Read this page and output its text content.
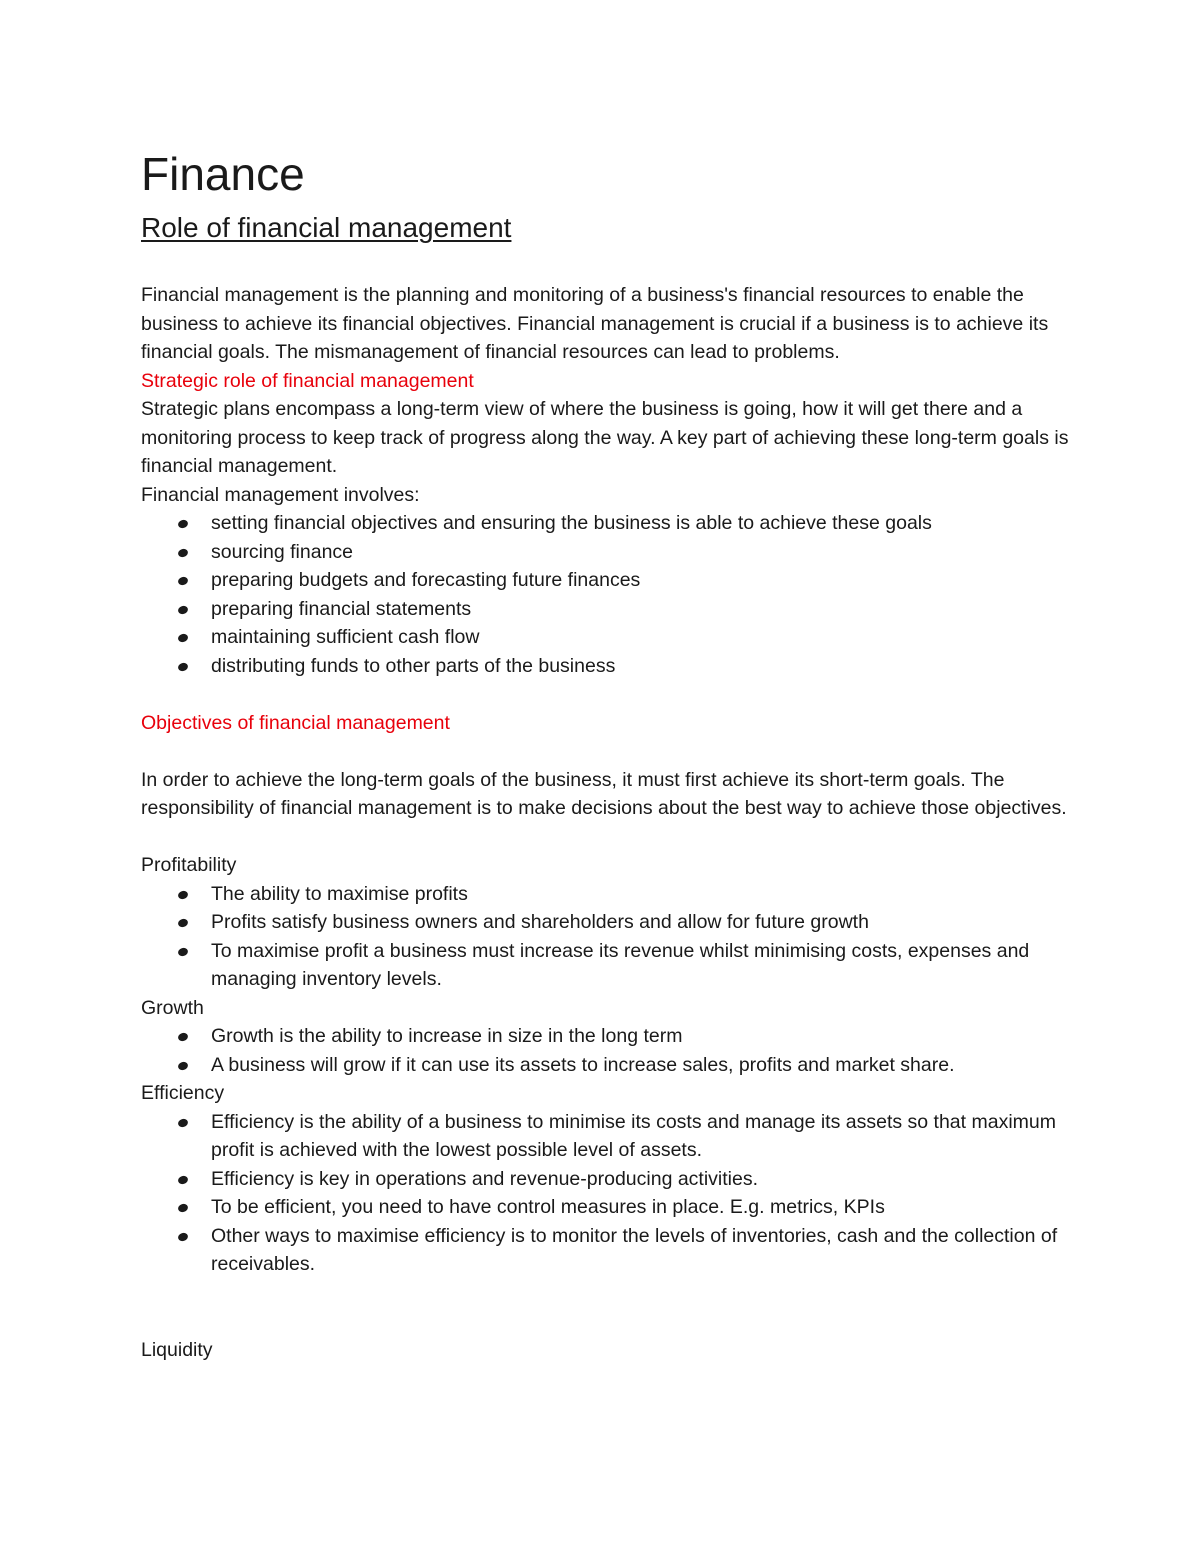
Finance
Role of financial management

Financial management is the planning and monitoring of a business's financial resources to enable the business to achieve its financial objectives. Financial management is crucial if a business is to achieve its financial goals. The mismanagement of financial resources can lead to problems.

Strategic role of financial management

Strategic plans encompass a long-term view of where the business is going, how it will get there and a monitoring process to keep track of progress along the way. A key part of achieving these long-term goals is financial management.

Financial management involves:

setting financial objectives and ensuring the business is able to achieve these goals
sourcing finance
preparing budgets and forecasting future finances
preparing financial statements
maintaining sufficient cash flow
distributing funds to other parts of the business

Objectives of financial management

In order to achieve the long-term goals of the business, it must first achieve its short-term goals. The responsibility of financial management is to make decisions about the best way to achieve those objectives.

Profitability

The ability to maximise profits
Profits satisfy business owners and shareholders and allow for future growth
To maximise profit a business must increase its revenue whilst minimising costs, expenses and managing inventory levels.

Growth

Growth is the ability to increase in size in the long term
A business will grow if it can use its assets to increase sales, profits and market share.

Efficiency

Efficiency is the ability of a business to minimise its costs and manage its assets so that maximum profit is achieved with the lowest possible level of assets.
Efficiency is key in operations and revenue-producing activities.
To be efficient, you need to have control measures in place. E.g. metrics, KPIs
Other ways to maximise efficiency is to monitor the levels of inventories, cash and the collection of receivables.

Liquidity
